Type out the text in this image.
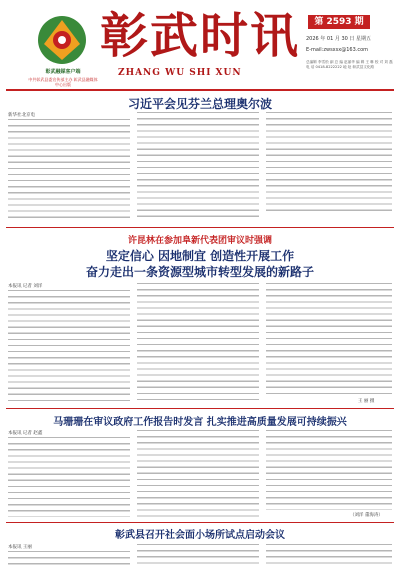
彰武融媒客户端
中共彰武县委宣传部主办 彰武县融媒体中心出版
彰武时讯
ZHANG WU SHI XUN
第 2593 期
2026 年 01 月 30 日 星期五
E-mail:zwsxsx@163.com
总编辑 李雪松 副 总 编 赵丽华 编 辑 王 琳 校 对 刘 磊 电 话 0418-8222222 地 址 彰武县文化路
习近平会见芬兰总理奥尔波
新华社北京电
许昆林在参加阜新代表团审议时强调
坚定信心 因地制宜 创造性开展工作
奋力走出一条资源型城市转型发展的新路子
本报讯 记者 刘洋
王 丽 摄
马珊珊在审议政府工作报告时发言 扎实推进高质量发展可持续振兴
本报讯 记者 赵鑫
（刘洋 董海涛）
彰武县召开社会面小场所试点启动会议
本报讯 王丽
